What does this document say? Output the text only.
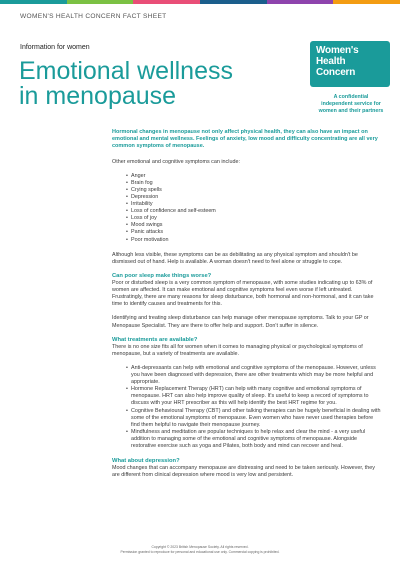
WOMEN'S HEALTH CONCERN FACT SHEET
Information for women
Emotional wellness
in menopause
Women's
Health
Concern
A confidential
independent service for
women and their partners

Hormonal changes in menopause not only affect physical health, they can also have an impact on emotional and mental wellness. Feelings of anxiety, low mood and difficulty concentrating are all very common symptoms of menopause.

Other emotional and cognitive symptoms can include:

• Anger
• Brain fog
• Crying spells
• Depression
• Irritability
• Loss of confidence and self-esteem
• Loss of joy
• Mood swings
• Panic attacks
• Poor motivation

Although less visible, these symptoms can be as debilitating as any physical symptom and shouldn't be dismissed out of hand. Help is available. A woman doesn't need to feel alone or struggle to cope.

Can poor sleep make things worse?

Poor or disturbed sleep is a very common symptom of menopause, with some studies indicating up to 63% of women are affected. It can make emotional and cognitive symptoms feel even worse if left untreated. Frustratingly, there are many reasons for sleep disturbance, both hormonal and non-hormonal, and it can take time to identify causes and treatments for this.

Identifying and treating sleep disturbance can help manage other menopause symptoms. Talk to your GP or Menopause Specialist. They are there to offer help and support. Don't suffer in silence.

What treatments are available?

There is no one size fits all for women when it comes to managing physical or psychological symptoms of menopause, but a variety of treatments are available.

• Anti-depressants can help with emotional and cognitive symptoms of the menopause. However, unless you have been diagnosed with depression, there are other treatments which may be more helpful and appropriate.
• Hormone Replacement Therapy (HRT) can help with many cognitive and emotional symptoms of menopause. HRT can also help improve quality of sleep. It's useful to keep a record of symptoms to discuss with your HRT prescriber as this will help identify the best HRT regime for you.
• Cognitive Behavioural Therapy (CBT) and other talking therapies can be hugely beneficial in dealing with some of the emotional symptoms of menopause. Even women who have never used therapies before find them helpful to navigate their menopause journey.
• Mindfulness and meditation are popular techniques to help relax and clear the mind - a very useful addition to managing some of the emotional and cognitive symptoms of menopause. Alongside restorative exercise such as yoga and Pilates, both body and mind can recover and heal.
What about depression?

Mood changes that can accompany menopause are distressing and need to be taken seriously. However, they are different from clinical depression where mood is very low and persistent.

Copyright © 2023 British Menopause Society. All rights reserved.
Permission granted to reproduce for personal and educational use only. Commercial copying is prohibited.
